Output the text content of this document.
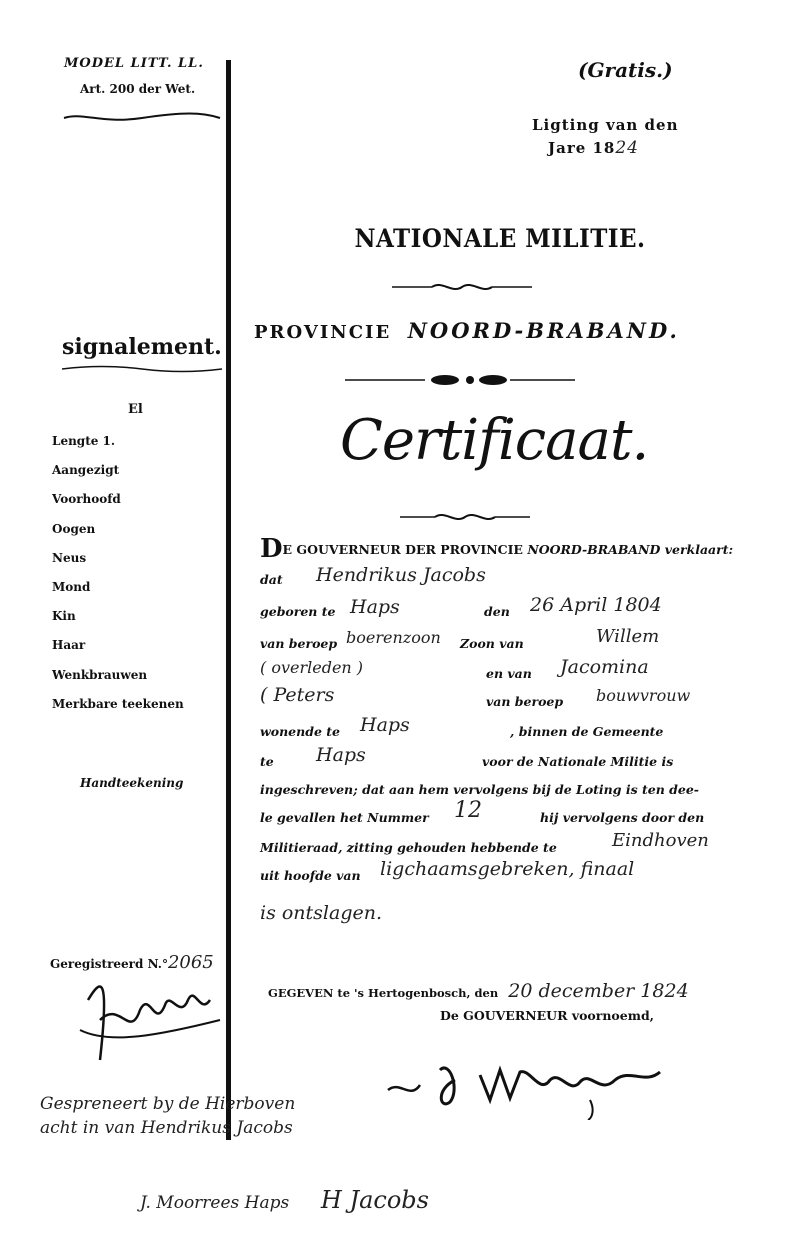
MODEL LITT. LL.
Art. 200 der Wet.
signalement.
El
Lengte 1.
Aangezigt
Voorhoofd
Oogen
Neus
Mond
Kin
Haar
Wenkbrauwen
Merkbare teekenen
Handteekening
Geregistreerd N.°2065
(Gratis.)
Ligting van den
Jare 1824
NATIONALE MILITIE.
PROVINCIE NOORD-BRABAND.
Certificaat.
DE GOUVERNEUR DER PROVINCIE NOORD-BRABAND verklaart:
dat Hendrikus Jacobs
geboren te Haps	den 26 April 1804
van beroep boerenzoon Zoon van	Willem
( overleden )	en van Jacomina
( Peters	van beroep bouwvrouw
wonende te Haps	, binnen de Gemeente
te Haps	voor de Nationale Militie is
ingeschreven; dat aan hem vervolgens bij de Loting is ten dee-
le gevallen het Nummer 12	hij vervolgens door den
Militieraad, zitting gehouden hebbende te	Eindhoven
uit hoofde van ligchaamsgebreken, finaal
is ontslagen.
GEGEVEN te 's Hertogenbosch, den 20 december 1824
De GOUVERNEUR voornoemd,
Gespreneert by de Hierboven
acht in van Hendrikus Jacobs
J. Moorrees Haps H Jacobs
